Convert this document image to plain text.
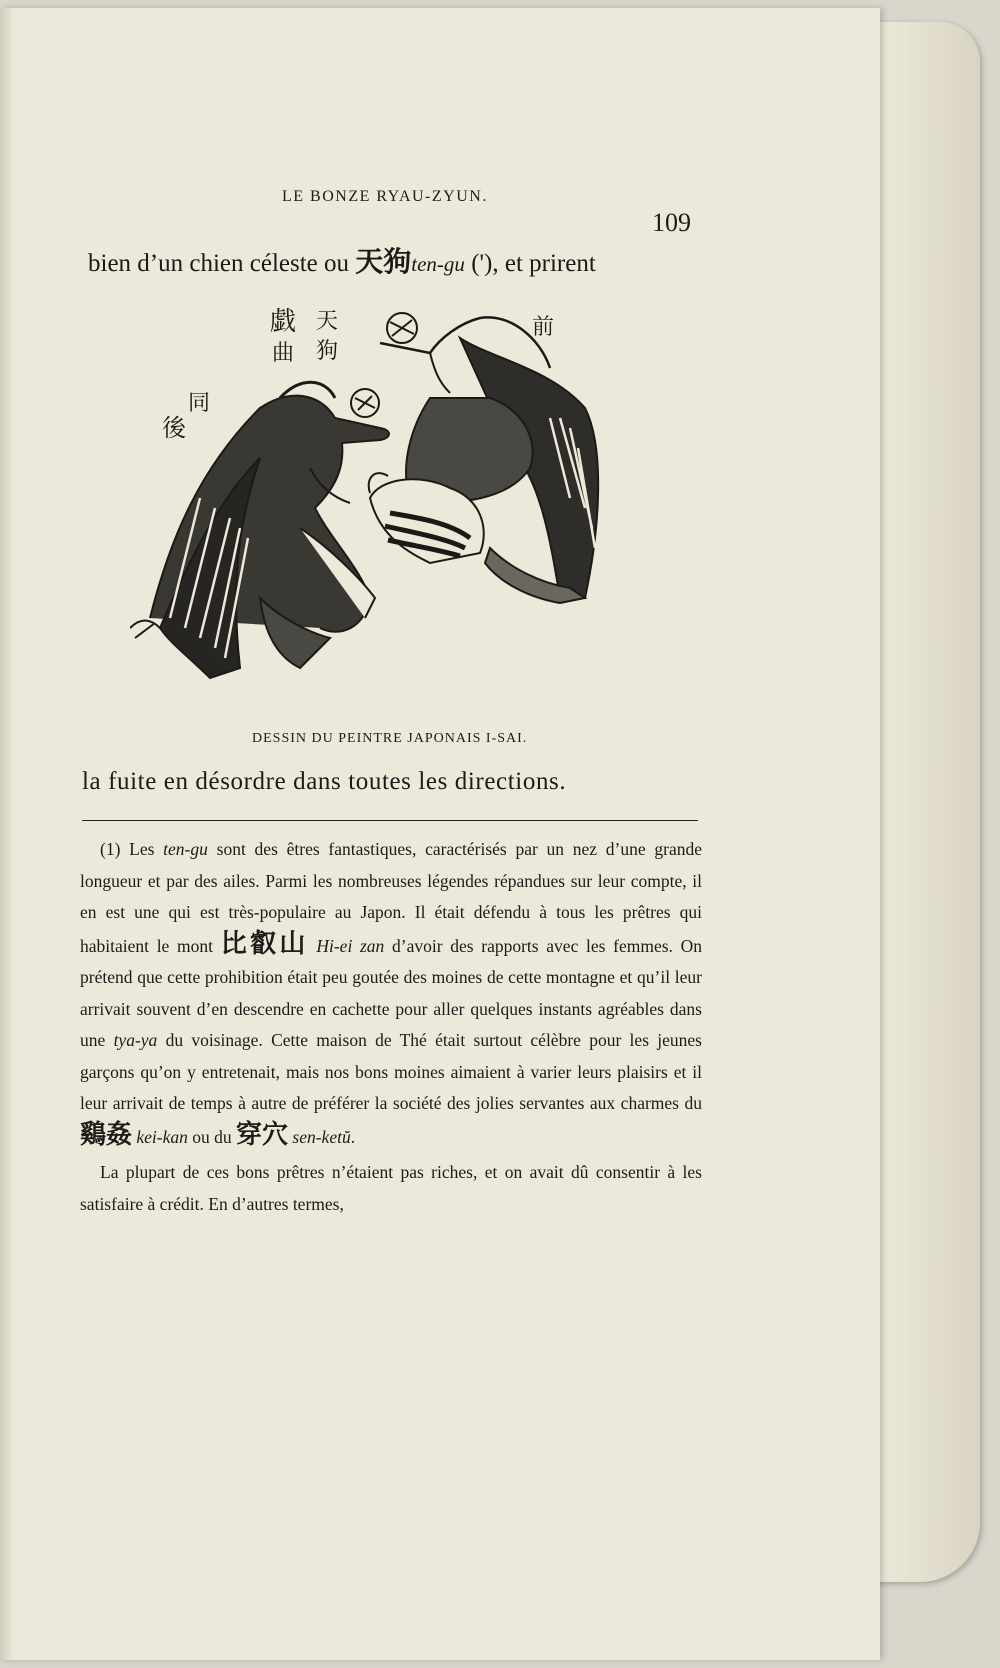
LE BONZE RYAU-ZYUN.
109
bien d’un chien céleste ou 天狗ten-gu ('), et prirent
天
狗
戯
曲
前
同
後
DESSIN DU PEINTRE JAPONAIS I-SAI.
la fuite en désordre dans toutes les directions.

(1) Les ten-gu sont des êtres fantastiques, caractérisés par un nez d’une grande longueur et par des ailes. Parmi les nombreuses légendes répandues sur leur compte, il en est une qui est très-populaire au Japon. Il était défendu à tous les prêtres qui habitaient le mont 比叡山 Hi-ei zan d’avoir des rapports avec les femmes. On prétend que cette prohibition était peu goutée des moines de cette montagne et qu’il leur arrivait souvent d’en descendre en cachette pour aller quelques instants agréables dans une tya-ya du voisinage. Cette maison de Thé était surtout célèbre pour les jeunes garçons qu’on y entretenait, mais nos bons moines aimaient à varier leurs plaisirs et il leur arrivait de temps à autre de préférer la société des jolies servantes aux charmes du 鷄姦 kei-kan ou du 穿穴 sen-ketŭ.

La plupart de ces bons prêtres n’étaient pas riches, et on avait dû consentir à les satisfaire à crédit. En d’autres termes,
